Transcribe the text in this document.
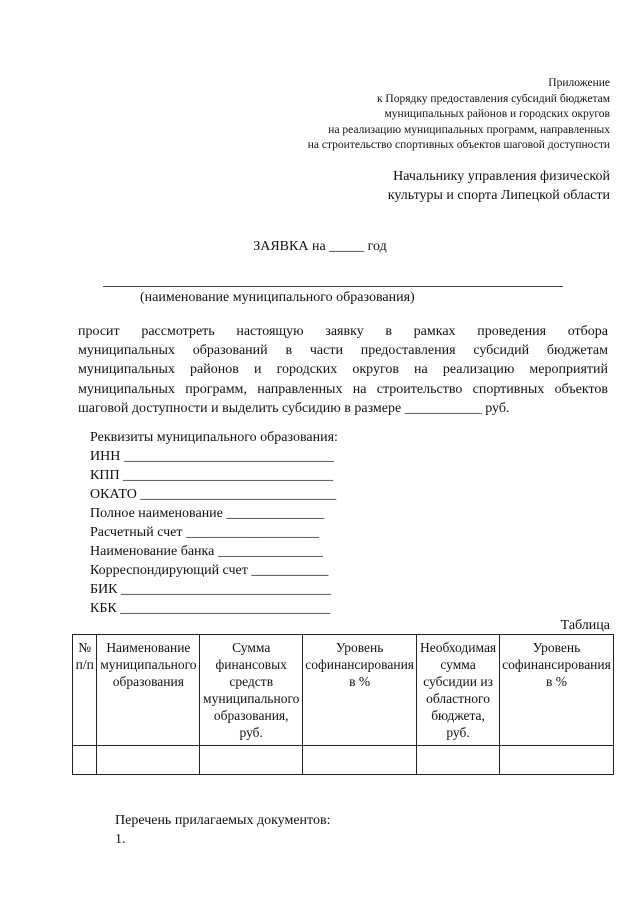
Приложение
к Порядку предоставления субсидий бюджетам
муниципальных районов и городских округов
на реализацию муниципальных программ, направленных
на строительство спортивных объектов шаговой доступности
Начальнику управления физической
культуры и спорта Липецкой области
ЗАЯВКА на _____ год
(наименование муниципального образования)
просит рассмотреть настоящую заявку в рамках проведения отбора
муниципальных образований в части предоставления субсидий бюджетам
муниципальных районов и городских округов на реализацию мероприятий
муниципальных программ, направленных на строительство спортивных объектов
шаговой доступности и выделить субсидию в размере ___________ руб.
Реквизиты муниципального образования:
ИНН ______________________________
КПП ______________________________
ОКАТО ____________________________
Полное наименование ______________
Расчетный счет ___________________
Наименование банка _______________
Корреспондирующий счет ___________
БИК ______________________________
КБК ______________________________
Таблица
№ п/п	Наименование муниципального образования	Сумма финансовых средств муниципального образования, руб.	Уровень софинансирования в %	Необходимая сумма субсидии из областного бюджета, руб.	Уровень софинансирования в %

Перечень прилагаемых документов:
1.
